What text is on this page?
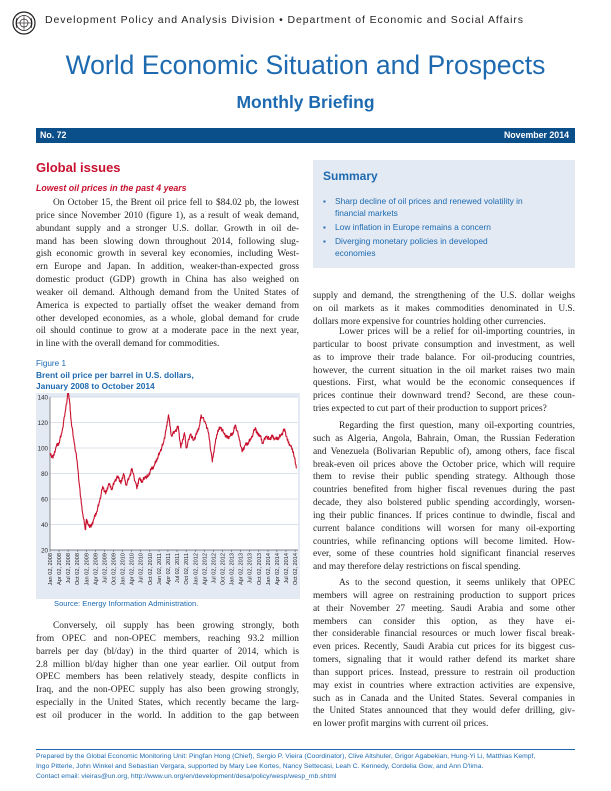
Development Policy and Analysis Division • Department of Economic and Social Affairs
World Economic Situation and Prospects
Monthly Briefing
No. 72	November 2014
Global issues
Lowest oil prices in the past 4 years
On October 15, the Brent oil price fell to $84.02 pb, the lowest
price since November 2010 (figure 1), as a result of weak demand,
abundant supply and a stronger U.S. dollar. Growth in oil de-
mand has been slowing down throughout 2014, following slug-
gish economic growth in several key economies, including West-
ern Europe and Japan. In addition, weaker-than-expected gross
domestic product (GDP) growth in China has also weighed on
weaker oil demand. Although demand from the United States of
America is expected to partially offset the weaker demand from
other developed economies, as a whole, global demand for crude
oil should continue to grow at a moderate pace in the next year,
in line with the overall demand for commodities.
Conversely, oil supply has been growing strongly, both
from OPEC and non-OPEC members, reaching 93.2 million
barrels per day (bl/day) in the third quarter of 2014, which is
2.8 million bl/day higher than one year earlier. Oil output from
OPEC members has been relatively steady, despite conflicts in
Iraq, and the non-OPEC supply has also been growing strongly,
especially in the United States, which recently became the larg-
est oil producer in the world. In addition to the gap between
Summary
▪	Sharp decline of oil prices and renewed volatility in
financial markets
▪	Low inflation in Europe remains a concern
▪	Diverging monetary policies in developed
economies
supply and demand, the strengthening of the U.S. dollar weighs
on oil markets as it makes commodities denominated in U.S.
dollars more expensive for countries holding other currencies.
Lower prices will be a relief for oil-importing countries, in
particular to boost private consumption and investment, as well
as to improve their trade balance. For oil-producing countries,
however, the current situation in the oil market raises two main
questions. First, what would be the economic consequences if
prices continue their downward trend? Second, are these coun-
tries expected to cut part of their production to support prices?
Regarding the first question, many oil-exporting countries,
such as Algeria, Angola, Bahrain, Oman, the Russian Federation
and Venezuela (Bolivarian Republic of), among others, face fiscal
break-even oil prices above the October price, which will require
them to revise their public spending strategy. Although those
countries benefited from higher fiscal revenues during the past
decade, they also bolstered public spending accordingly, worsen-
ing their public finances. If prices continue to dwindle, fiscal and
current balance conditions will worsen for many oil-exporting
countries, while refinancing options will become limited. How-
ever, some of these countries hold significant financial reserves
and may therefore delay restrictions on fiscal spending.
As to the second question, it seems unlikely that OPEC
members will agree on restraining production to support prices
at their November 27 meeting. Saudi Arabia and some other
members can consider this option, as they have ei-
ther considerable financial resources or much lower fiscal break-
even prices. Recently, Saudi Arabia cut prices for its biggest cus-
tomers, signaling that it would rather defend its market share
than support prices. Instead, pressure to restrain oil production
may exist in countries where extraction activities are expensive,
such as in Canada and the United States. Several companies in
the United States announced that they would defer drilling, giv-
en lower profit margins with current oil prices.
Figure 1
Brent oil price per barrel in U.S. dollars,
January 2008 to October 2014
20
40
60
80
100
120
140
Jan 02, 2008 Apr 02, 2008 Jul 02, 2008 Oct 02, 2008 Jan 02, 2009 Apr 02, 2009 Jul 02, 2009 Oct 02, 2009 Jan 02, 2010 Apr 02, 2010 Jul 02, 2010 Oct 02, 2010 Jan 02, 2011 Apr 02, 2011 Jul 02, 2011 Oct 02, 2011 Jan 02, 2012 Apr 02, 2012 Jul 02, 2012 Oct 02, 2012 Jan 02, 2013 Apr 02, 2013 Jul 02, 2013 Oct 02, 2013 Jan 02, 2014 Apr 02, 2014 Jul 02, 2014 Oct 02, 2014
Source: Energy Information Administration.
Prepared by the Global Economic Monitoring Unit: Pingfan Hong (Chief), Sergio P. Vieira (Coordinator), Clive Altshuler, Grigor Agabekian, Hung-Yi Li, Matthias Kempf,
Ingo Pitterle, John Winkel and Sebastian Vergara, supported by Mary Lee Kortes, Nancy Settecasi, Leah C. Kennedy, Cordelia Gow, and Ann D'lima.
Contact email: vieiras@un.org, http://www.un.org/en/development/desa/policy/wesp/wesp_mb.shtml
